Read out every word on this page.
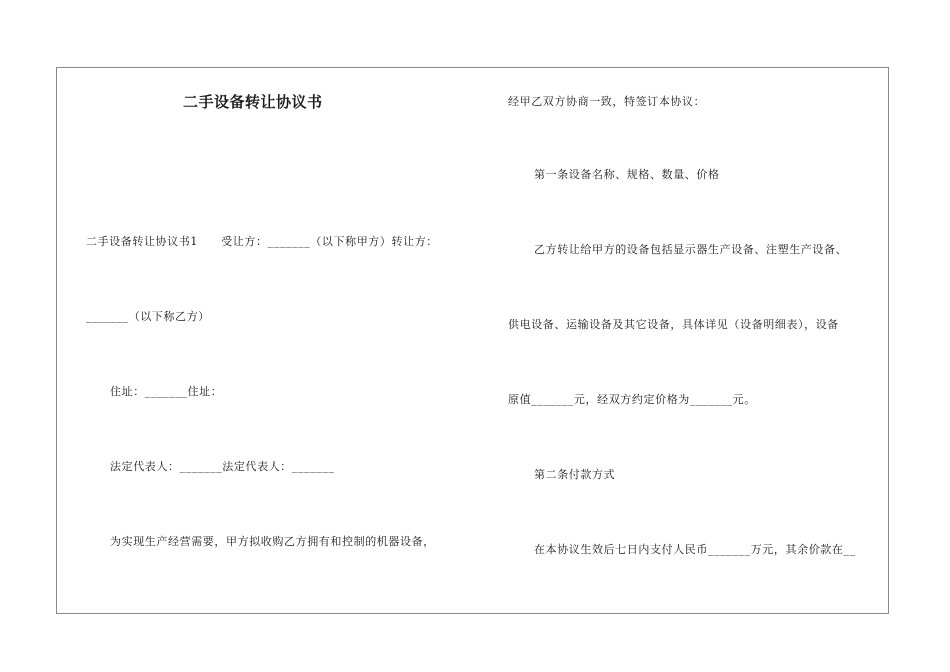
二手设备转让协议书
二手设备转让协议书1　　受让方：_______（以下称甲方）转让方：
_______（以下称乙方）
住址：_______住址：
法定代表人：_______法定代表人：_______
为实现生产经营需要，甲方拟收购乙方拥有和控制的机器设备，
经甲乙双方协商一致，特签订本协议：
第一条设备名称、规格、数量、价格
乙方转让给甲方的设备包括显示器生产设备、注塑生产设备、
供电设备、运输设备及其它设备，具体详见（设备明细表），设备
原值_______元，经双方约定价格为_______元。
第二条付款方式
在本协议生效后七日内支付人民币_______万元，其余价款在__
